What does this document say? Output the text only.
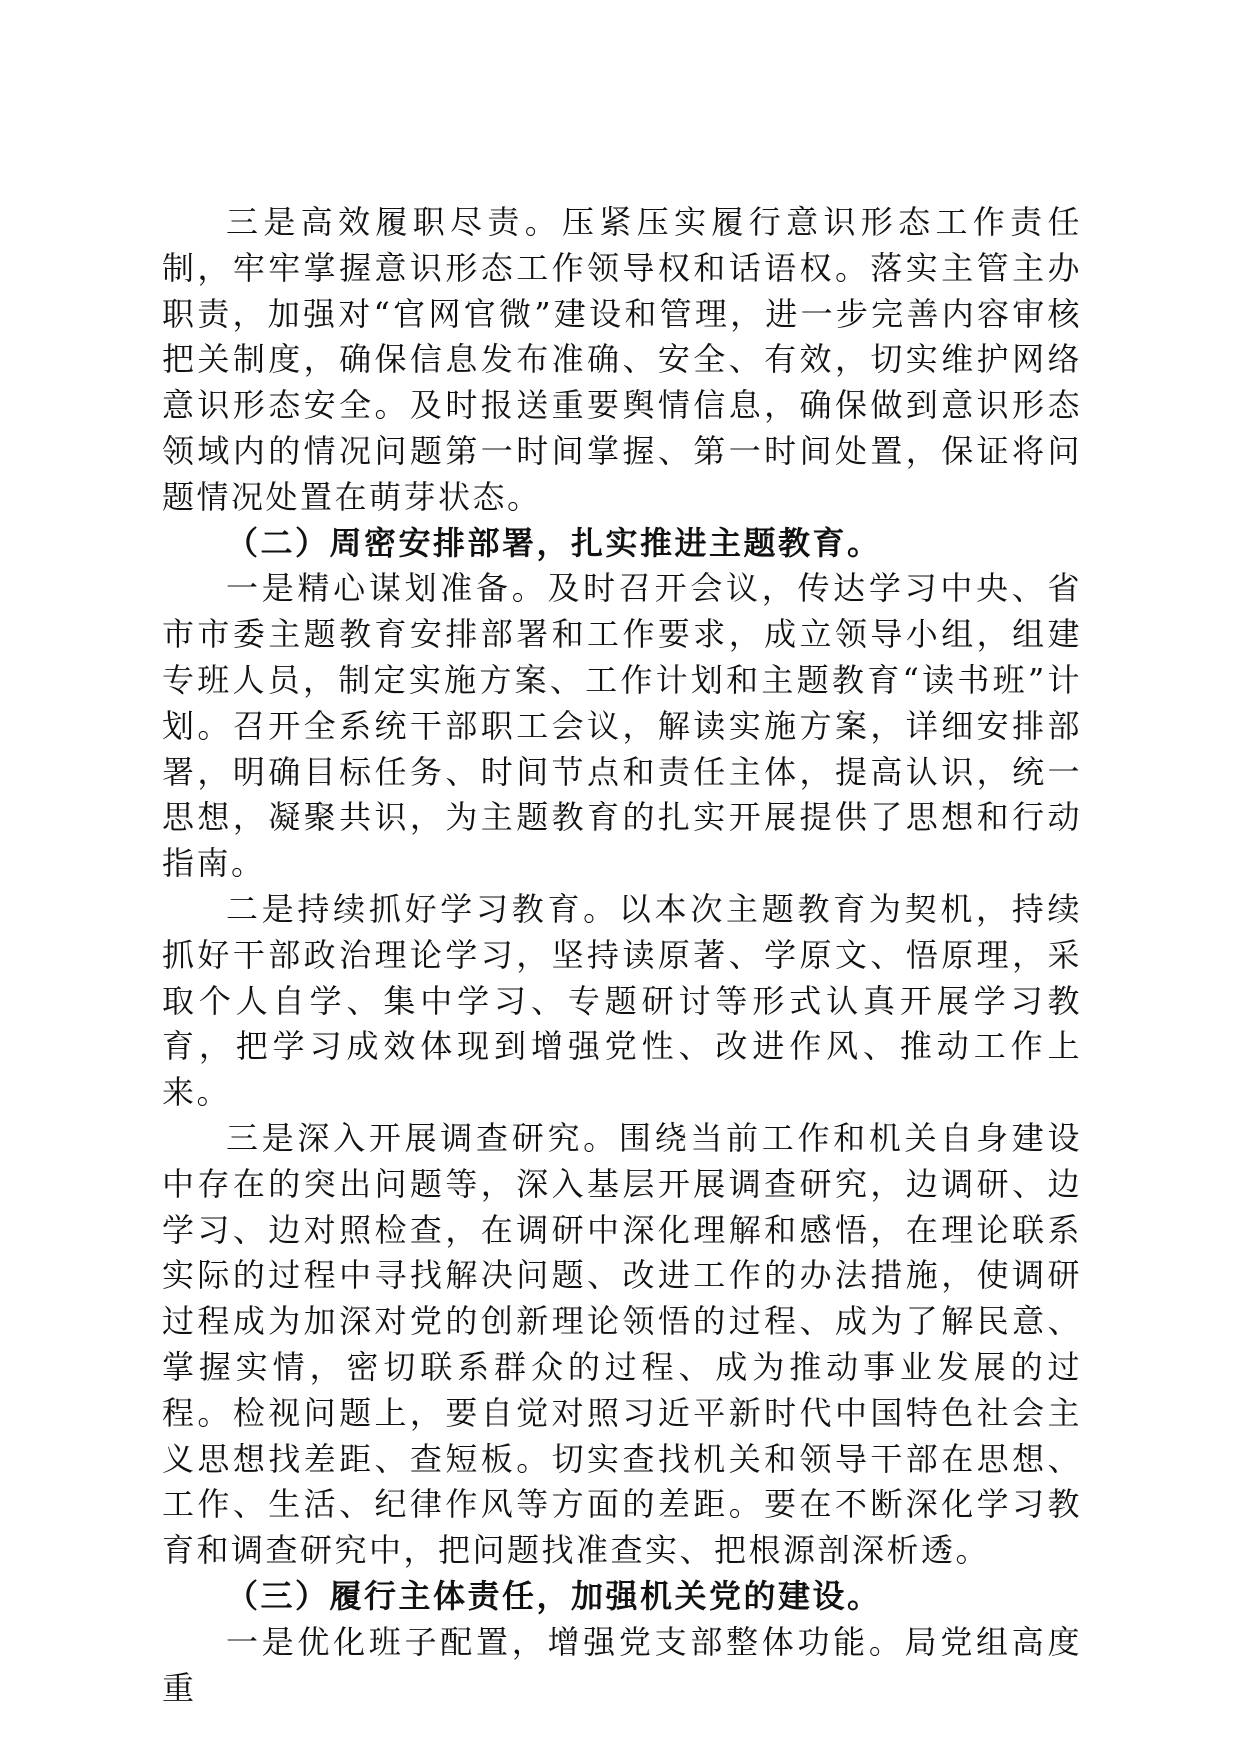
三是高效履职尽责。压紧压实履行意识形态工作责任制，牢牢掌握意识形态工作领导权和话语权。落实主管主办职责，加强对“官网官微”建设和管理，进一步完善内容审核把关制度，确保信息发布准确、安全、有效，切实维护网络意识形态安全。及时报送重要舆情信息，确保做到意识形态领域内的情况问题第一时间掌握、第一时间处置，保证将问题情况处置在萌芽状态。

（二）周密安排部署，扎实推进主题教育。

一是精心谋划准备。及时召开会议，传达学习中央、省市市委主题教育安排部署和工作要求，成立领导小组，组建专班人员，制定实施方案、工作计划和主题教育“读书班”计划。召开全系统干部职工会议，解读实施方案，详细安排部署，明确目标任务、时间节点和责任主体，提高认识，统一思想，凝聚共识，为主题教育的扎实开展提供了思想和行动指南。

二是持续抓好学习教育。以本次主题教育为契机，持续抓好干部政治理论学习，坚持读原著、学原文、悟原理，采取个人自学、集中学习、专题研讨等形式认真开展学习教育，把学习成效体现到增强党性、改进作风、推动工作上来。

三是深入开展调查研究。围绕当前工作和机关自身建设中存在的突出问题等，深入基层开展调查研究，边调研、边学习、边对照检查，在调研中深化理解和感悟，在理论联系实际的过程中寻找解决问题、改进工作的办法措施，使调研过程成为加深对党的创新理论领悟的过程、成为了解民意、掌握实情，密切联系群众的过程、成为推动事业发展的过程。检视问题上，要自觉对照习近平新时代中国特色社会主义思想找差距、查短板。切实查找机关和领导干部在思想、工作、生活、纪律作风等方面的差距。要在不断深化学习教育和调查研究中，把问题找准查实、把根源剖深析透。

（三）履行主体责任，加强机关党的建设。

一是优化班子配置，增强党支部整体功能。局党组高度重
